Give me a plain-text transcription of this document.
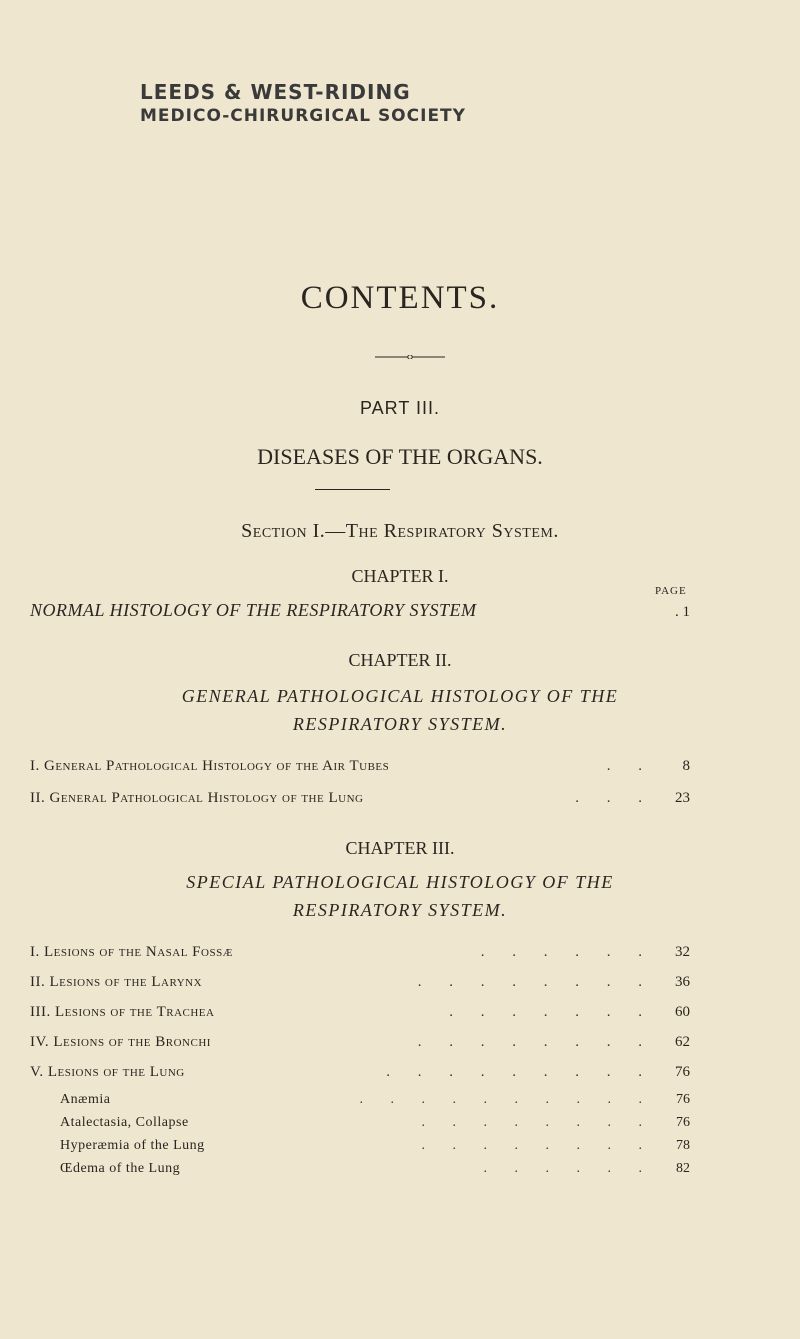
LEEDS & WEST-RIDING
MEDICO-CHIRURGICAL SOCIETY
CONTENTS.
PART III.
DISEASES OF THE ORGANS.
Section I.—The Respiratory System.
CHAPTER I.
PAGE
NORMAL HISTOLOGY OF THE RESPIRATORY SYSTEM	. 1
CHAPTER II.
GENERAL PATHOLOGICAL HISTOLOGY OF THE
RESPIRATORY SYSTEM.
I. General Pathological Histology of the Air Tubes	. .	8
II. General Pathological Histology of the Lung	. . .	23
CHAPTER III.
SPECIAL PATHOLOGICAL HISTOLOGY OF THE
RESPIRATORY SYSTEM.
I. Lesions of the Nasal Fossæ	. . . . . .	32
II. Lesions of the Larynx	. . . . . . . .	36
III. Lesions of the Trachea	. . . . . . .	60
IV. Lesions of the Bronchi	. . . . . . . .	62
V. Lesions of the Lung	. . . . . . . . .	76
Anæmia	. . . . . . . . . .	76
Atalectasia, Collapse	. . . . . . . .	76
Hyperæmia of the Lung	. . . . . . . .	78
Œdema of the Lung	. . . . . .	82
